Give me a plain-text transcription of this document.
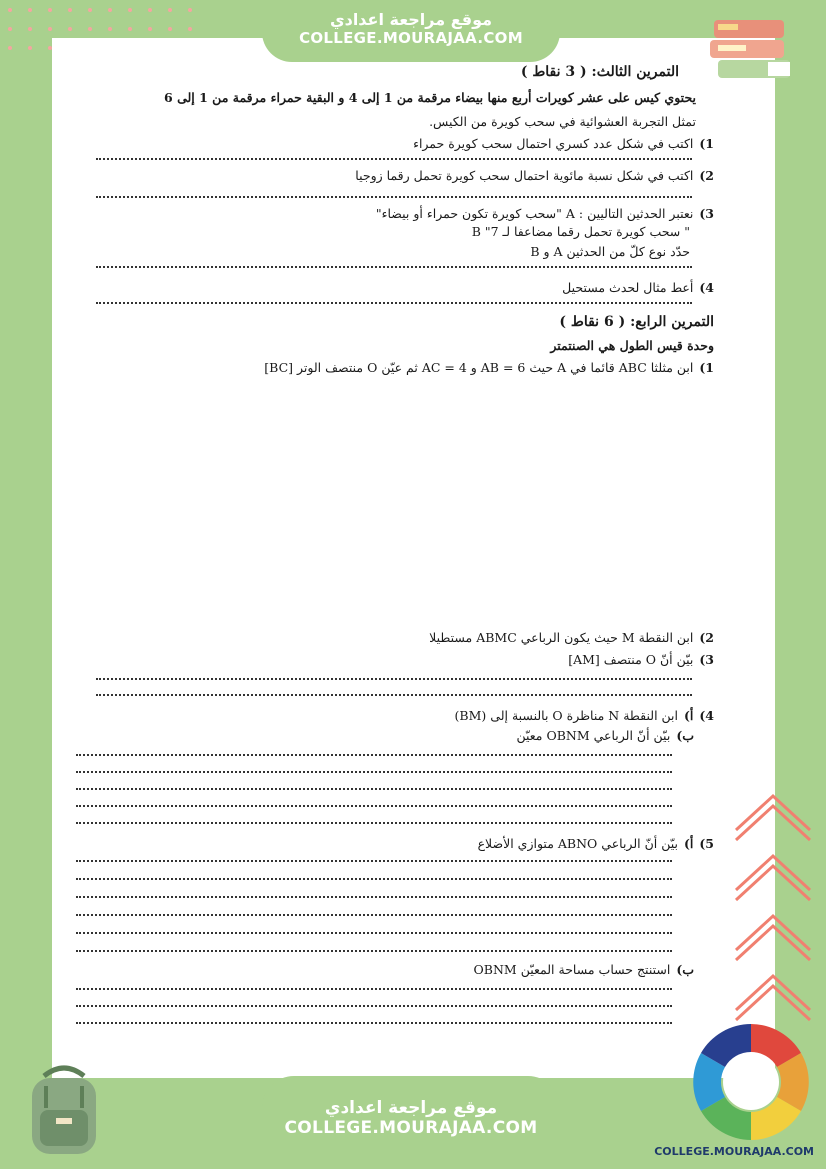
موقع مراجعة اعدادي
COLLEGE.MOURAJAA.COM
التمرين الثالث: ( 3 نقاط )
يحتوي كيس على عشر كويرات أربع منها بيضاء مرقمة من 1 إلى 4 و البقية حمراء مرقمة من 1 إلى 6
تمثل التجربة العشوائية في سحب كويرة من الكيس.
1)اكتب في شكل عدد كسري احتمال سحب كويرة حمراء
2)اكتب في شكل نسبة مائوية احتمال سحب كويرة تحمل رقما زوجيا
3)نعتبر الحدثين التاليين : A "سحب كويرة تكون حمراء أو بيضاء"
B "سحب كويرة تحمل رقما مضاعفا لـ 7 "
حدّد نوع كلّ من الحدثين A و B
4)أعط مثال لحدث مستحيل
التمرين الرابع: ( 6 نقاط )
وحدة قيس الطول هي الصنتمتر
1)ابن مثلثا ABC قائما في A حيث AB = 6 و AC = 4 ثم عيّن O منتصف الوتر [BC]
2)ابن النقطة M حيث يكون الرباعي ABMC مستطيلا
3)بيّن أنّ O منتصف [AM]
4)أ)ابن النقطة N مناظرة O بالنسبة إلى (BM)
ب)بيّن أنّ الرباعي OBNM معيّن
5)أ)بيّن أنّ الرباعي ABNO متوازي الأضلاع
ب)استنتج حساب مساحة المعيّن OBNM
COLLEGE.MOURAJAA.COM
موقع مراجعة اعدادي
COLLEGE.MOURAJAA.COM
